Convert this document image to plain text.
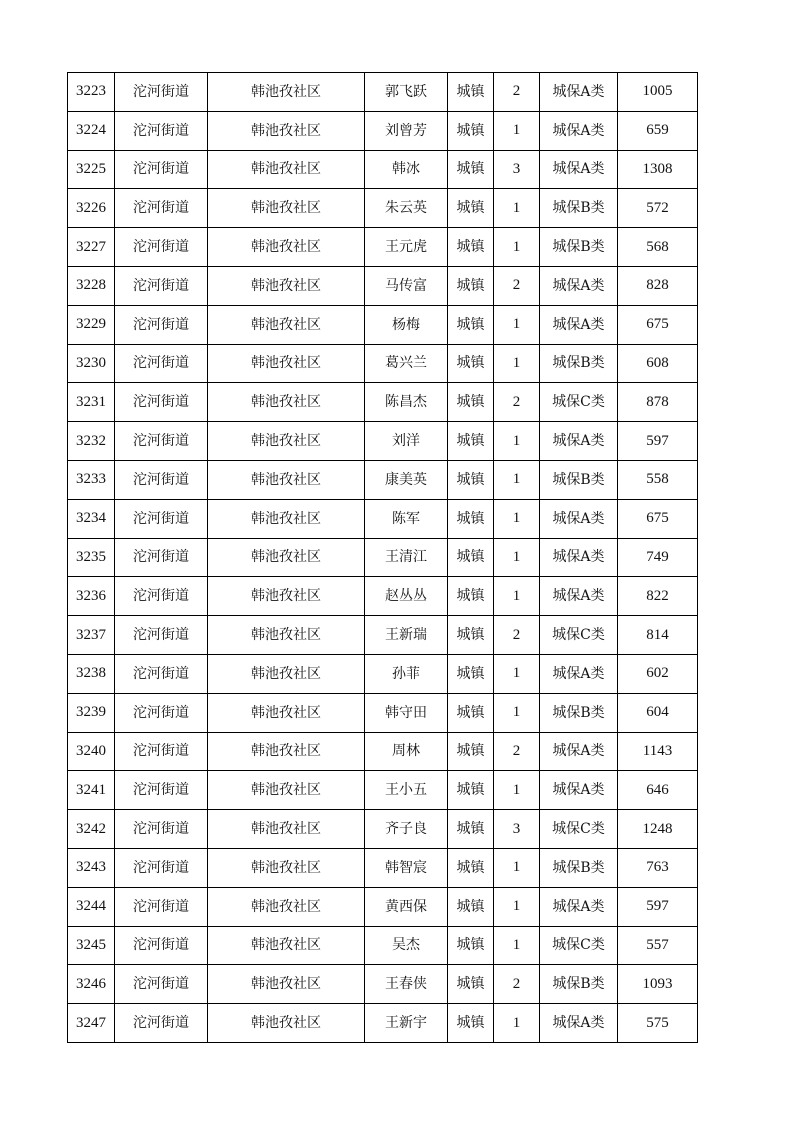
3223	沱河街道	韩池孜社区	郭飞跃	城镇	2	城保A类	1005
3224	沱河街道	韩池孜社区	刘曾芳	城镇	1	城保A类	659
3225	沱河街道	韩池孜社区	韩冰	城镇	3	城保A类	1308
3226	沱河街道	韩池孜社区	朱云英	城镇	1	城保B类	572
3227	沱河街道	韩池孜社区	王元虎	城镇	1	城保B类	568
3228	沱河街道	韩池孜社区	马传富	城镇	2	城保A类	828
3229	沱河街道	韩池孜社区	杨梅	城镇	1	城保A类	675
3230	沱河街道	韩池孜社区	葛兴兰	城镇	1	城保B类	608
3231	沱河街道	韩池孜社区	陈昌杰	城镇	2	城保C类	878
3232	沱河街道	韩池孜社区	刘洋	城镇	1	城保A类	597
3233	沱河街道	韩池孜社区	康美英	城镇	1	城保B类	558
3234	沱河街道	韩池孜社区	陈军	城镇	1	城保A类	675
3235	沱河街道	韩池孜社区	王清江	城镇	1	城保A类	749
3236	沱河街道	韩池孜社区	赵丛丛	城镇	1	城保A类	822
3237	沱河街道	韩池孜社区	王新瑞	城镇	2	城保C类	814
3238	沱河街道	韩池孜社区	孙菲	城镇	1	城保A类	602
3239	沱河街道	韩池孜社区	韩守田	城镇	1	城保B类	604
3240	沱河街道	韩池孜社区	周林	城镇	2	城保A类	1143
3241	沱河街道	韩池孜社区	王小五	城镇	1	城保A类	646
3242	沱河街道	韩池孜社区	齐子良	城镇	3	城保C类	1248
3243	沱河街道	韩池孜社区	韩智宸	城镇	1	城保B类	763
3244	沱河街道	韩池孜社区	黄西保	城镇	1	城保A类	597
3245	沱河街道	韩池孜社区	吴杰	城镇	1	城保C类	557
3246	沱河街道	韩池孜社区	王春侠	城镇	2	城保B类	1093
3247	沱河街道	韩池孜社区	王新宇	城镇	1	城保A类	575
